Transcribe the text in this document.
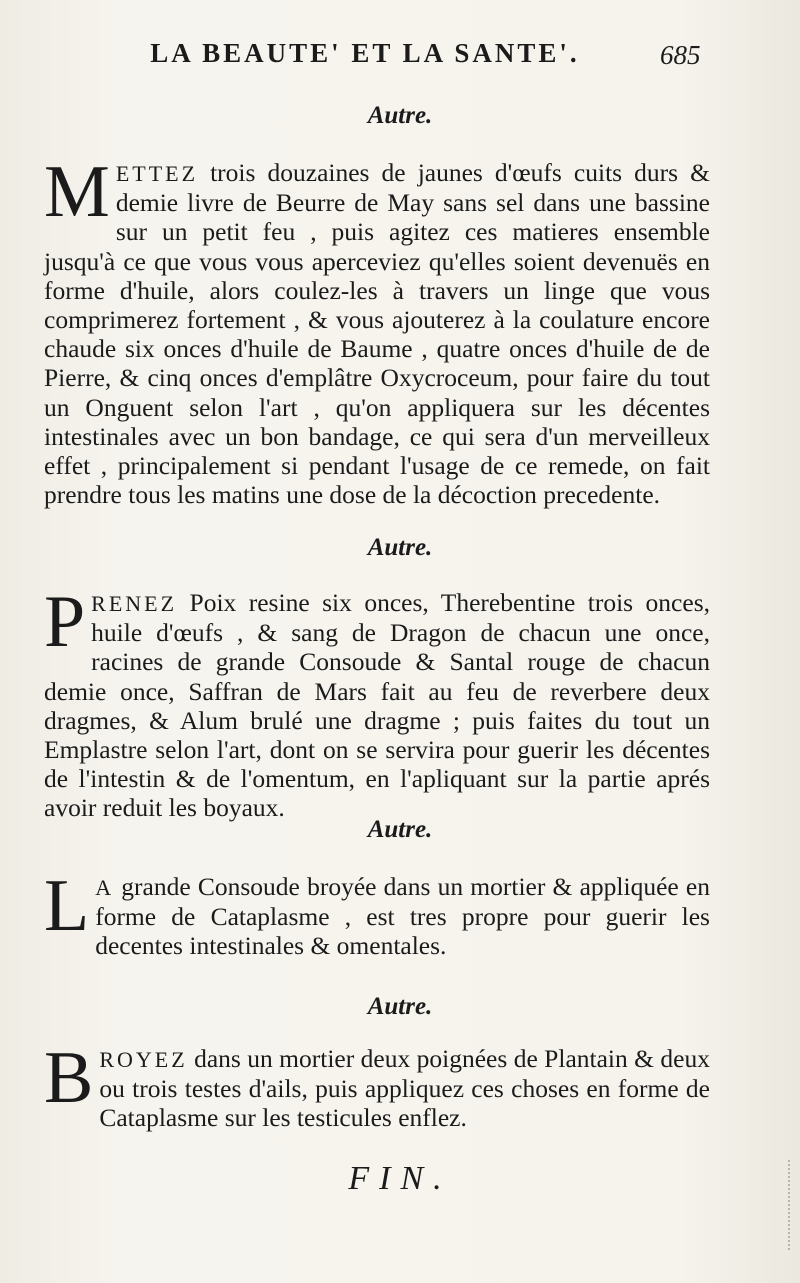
LA BEAUTE' ET LA SANTE'.	685
Autre.
METTEZ trois douzaines de jaunes d'œufs cuits durs & demie livre de Beurre de May sans sel dans une bassine sur un petit feu , puis agitez ces matieres ensemble jusqu'à ce que vous vous aperceviez qu'elles soient devenuës en forme d'huile, alors coulez-les à travers un linge que vous comprimerez fortement , & vous ajouterez à la coulature encore chaude six onces d'huile de Baume , quatre onces d'huile de de Pierre, & cinq onces d'emplâtre Oxycroceum, pour faire du tout un Onguent selon l'art , qu'on appliquera sur les décentes intestinales avec un bon bandage, ce qui sera d'un merveilleux effet , principalement si pendant l'usage de ce remede, on fait prendre tous les matins une dose de la décoction precedente.
Autre.
PRENEZ Poix resine six onces, Therebentine trois onces, huile d'œufs , & sang de Dragon de chacun une once, racines de grande Consoude & Santal rouge de chacun demie once, Saffran de Mars fait au feu de reverbere deux dragmes, & Alum brulé une dragme ; puis faites du tout un Emplastre selon l'art, dont on se servira pour guerir les décentes de l'intestin & de l'omentum, en l'apliquant sur la partie aprés avoir reduit les boyaux.
Autre.
L A grande Consoude broyée dans un mortier & appliquée en forme de Cataplasme , est tres propre pour guerir les decentes intestinales & omentales.
Autre.
BROYEZ dans un mortier deux poignées de Plantain & deux ou trois testes d'ails, puis appliquez ces choses en forme de Cataplasme sur les testicules enflez.
FIN.
